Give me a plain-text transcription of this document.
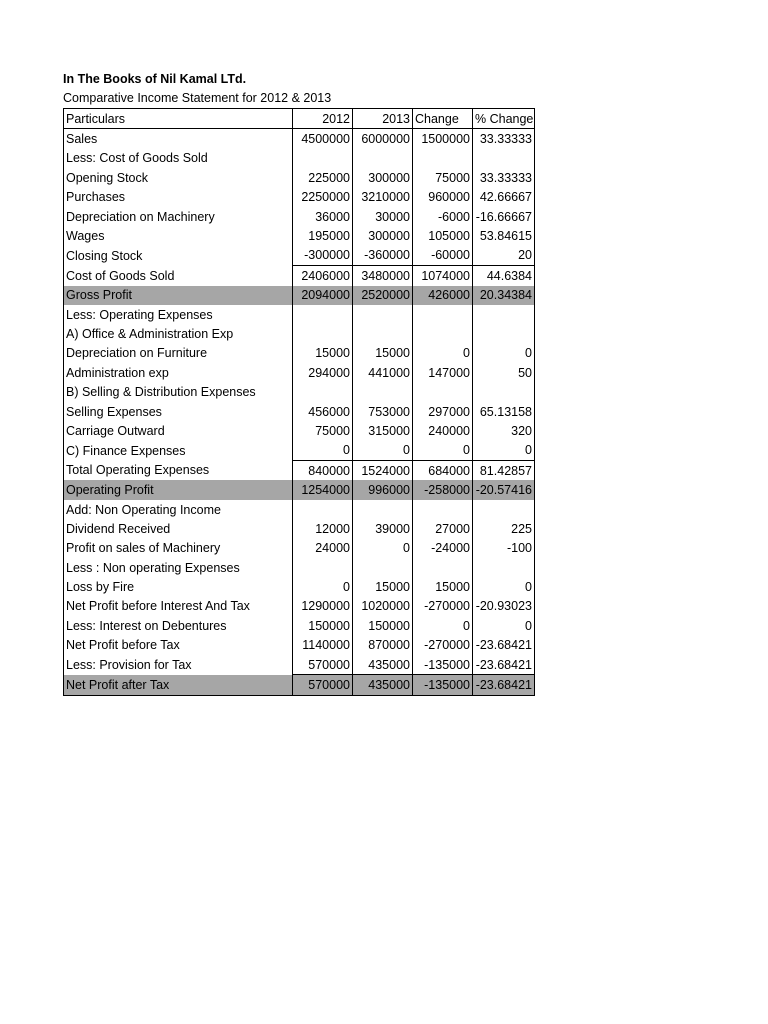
In The Books of Nil Kamal LTd.
Comparative Income Statement for 2012 & 2013
Particulars	2012	2013	Change	% Change
Sales	4500000	6000000	1500000	33.33333
Less: Cost of Goods Sold				
Opening Stock	225000	300000	75000	33.33333
Purchases	2250000	3210000	960000	42.66667
Depreciation on Machinery	36000	30000	-6000	-16.66667
Wages	195000	300000	105000	53.84615
Closing Stock	-300000	-360000	-60000	20
Cost of Goods Sold	2406000	3480000	1074000	44.6384
Gross Profit	2094000	2520000	426000	20.34384
Less: Operating Expenses				
A) Office & Administration Exp				
Depreciation on Furniture	15000	15000	0	0
Administration exp	294000	441000	147000	50
B) Selling & Distribution Expenses				
Selling Expenses	456000	753000	297000	65.13158
Carriage Outward	75000	315000	240000	320
C) Finance Expenses	0	0	0	0
Total Operating Expenses	840000	1524000	684000	81.42857
Operating Profit	1254000	996000	-258000	-20.57416
Add: Non Operating Income				
Dividend Received	12000	39000	27000	225
Profit on sales of Machinery	24000	0	-24000	-100
Less : Non operating Expenses				
Loss by Fire	0	15000	15000	0
Net Profit before Interest And Tax	1290000	1020000	-270000	-20.93023
Less: Interest on Debentures	150000	150000	0	0
Net Profit before Tax	1140000	870000	-270000	-23.68421
Less: Provision for Tax	570000	435000	-135000	-23.68421
Net Profit after Tax	570000	435000	-135000	-23.68421
